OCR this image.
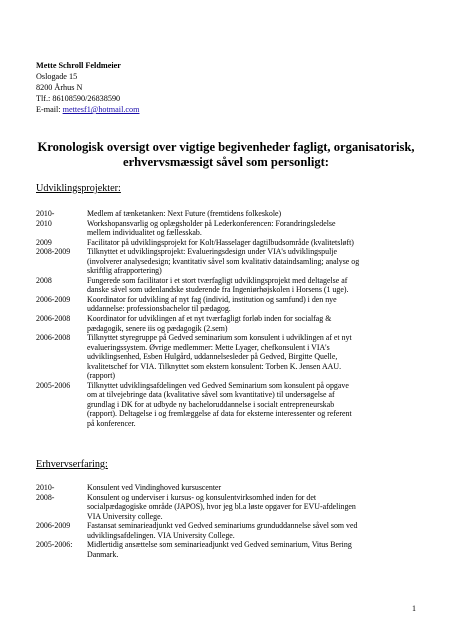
Mette Schroll Feldmeier
Oslogade 15
8200 Århus N
Tlf.: 86108590/26838590
E-mail: mettesf1@hotmail.com
Kronologisk oversigt over vigtige begivenheder fagligt, organisatorisk, erhvervsmæssigt såvel som personligt:
Udviklingsprojekter:
2010-	Medlem af tænketanken: Next Future (fremtidens folkeskole)
2010	Workshopansvarlig og oplægsholder på Lederkonferencen: Forandringsledelse
mellem individualitet og fællesskab.
2009	Facilitator på udviklingsprojekt for Kolt/Hasselager dagtilbudsområde (kvalitetsløft)
2008-2009	Tilknyttet et udviklingsprojekt: Evalueringsdesign under VIA's udviklingspulje
(involverer analysedesign; kvantitativ såvel som kvalitativ dataindsamling; analyse og
skriftlig afrapportering)
2008	Fungerede som facilitator i et stort tværfagligt udviklingsprojekt med deltagelse af
danske såvel som udenlandske studerende fra Ingeniørhøjskolen i Horsens (1 uge).
2006-2009	Koordinator for udvikling af nyt fag (individ, institution og samfund) i den nye
uddannelse: professionsbachelor til pædagog.
2006-2008	Koordinator for udviklingen af et nyt tværfagligt forløb inden for socialfag &
pædagogik, senere iis og pædagogik (2.sem)
2006-2008	Tilknyttet styregruppe på Gedved seminarium som konsulent i udviklingen af et nyt
evalueringssystem. Øvrige medlemmer: Mette Lyager, chefkonsulent i VIA's
udviklingsenhed, Esben Hulgård, uddannelsesleder på Gedved, Birgitte Quelle,
kvalitetschef for VIA. Tilknyttet som ekstern konsulent: Torben K. Jensen AAU.
(rapport)
2005-2006	Tilknyttet udviklingsafdelingen ved Gedved Seminarium som konsulent på opgave
om at tilvejebringe data (kvalitative såvel som kvantitative) til undersøgelse af
grundlag i DK for at udbyde ny bacheloruddannelse i socialt entrepreneurskab
(rapport). Deltagelse i og fremlæggelse af data for eksterne interessenter og referent
på konferencer.
Erhvervserfaring:
2010-	Konsulent ved Vindinghoved kursuscenter
2008-	Konsulent og underviser i kursus- og konsulentvirksomhed inden for det
socialpædagogiske område (JAPOS), hvor jeg bl.a løste opgaver for EVU-afdelingen
VIA University college.
2006-2009	Fastansat seminarieadjunkt ved Gedved seminariums grunduddannelse såvel som ved
udviklingsafdelingen. VIA University College.
2005-2006:	Midlertidig ansættelse som seminarieadjunkt ved Gedved seminarium, Vitus Bering
Danmark.
1
